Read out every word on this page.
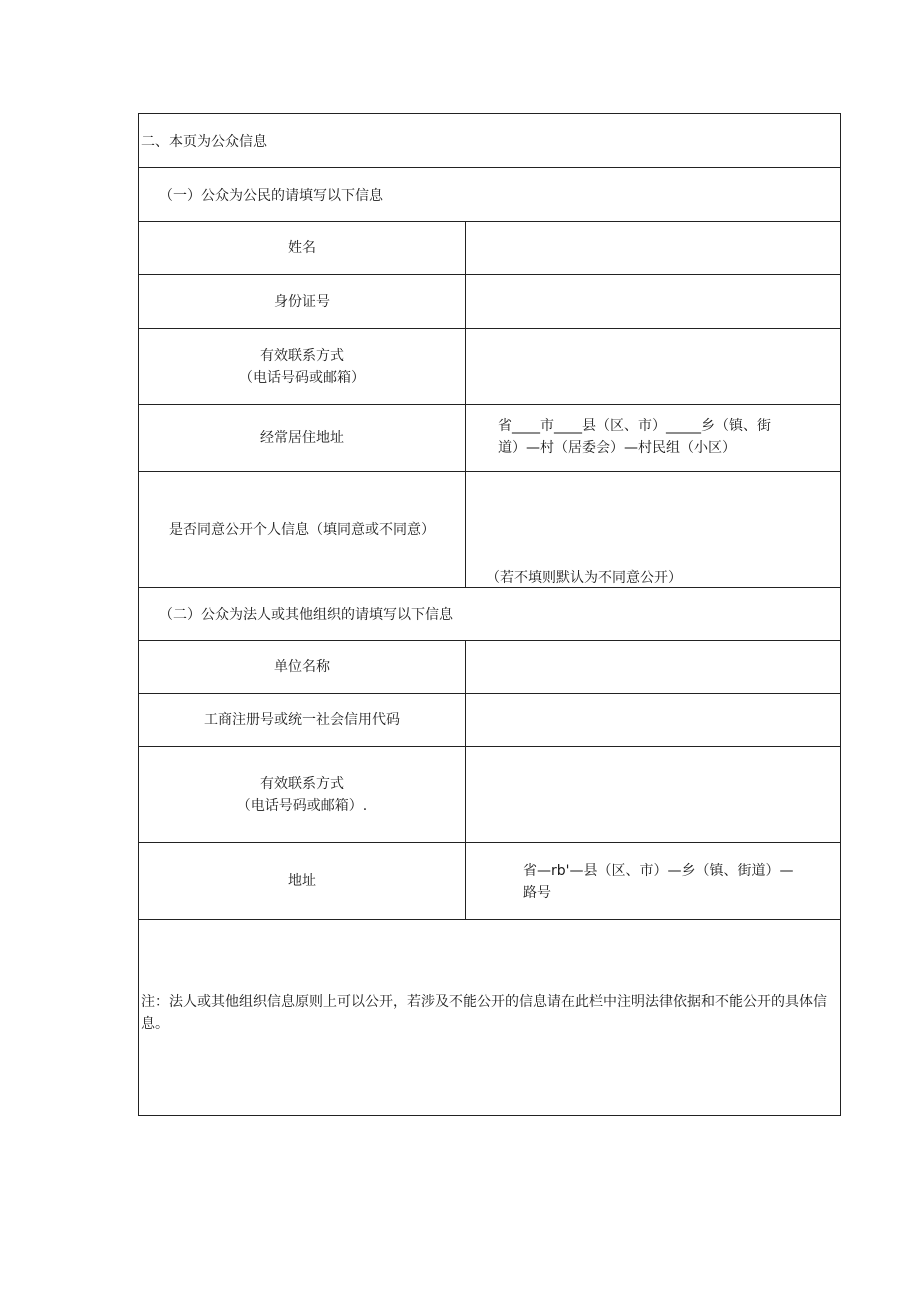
二、本页为公众信息
（一）公众为公民的请填写以下信息
姓名
身份证号
有效联系方式
（电话号码或邮箱）
经常居住地址
省____市____县（区、市）_____乡（镇、街
道）—村（居委会）—村民组（小区）
是否同意公开个人信息（填同意或不同意）
（若不填则默认为不同意公开）
（二）公众为法人或其他组织的请填写以下信息
单位名称
工商注册号或统一社会信用代码
有效联系方式
（电话号码或邮箱）.
地址
省—rb'—县（区、市）—乡（镇、街道）—
路号
注：法人或其他组织信息原则上可以公开，若涉及不能公开的信息请在此栏中注明法律依据和不能公开的具体信息。
